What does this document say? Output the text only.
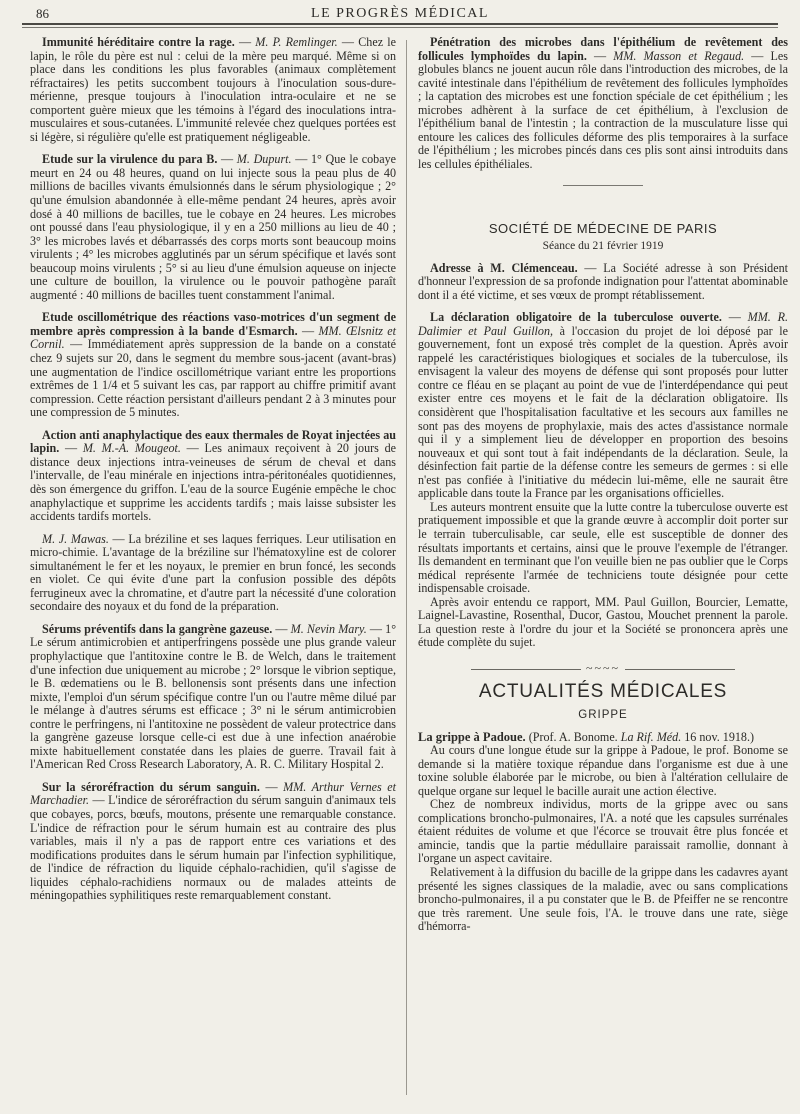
86	LE PROGRÈS MÉDICAL

Immunité héréditaire contre la rage. — M. P. Remlinger. — Chez le lapin, le rôle du père est nul : celui de la mère peu marqué. Même si on place dans les conditions les plus favorables (animaux complètement réfractaires) les petits succombent toujours à l'inoculation sous-dure-mérienne, presque toujours à l'inoculation intra-oculaire et ne se comportent guère mieux que les témoins à l'égard des inoculations intra-musculaires et sous-cutanées. L'immunité relevée chez quelques portées est si légère, si régulière qu'elle est pratiquement négligeable.

Etude sur la virulence du para B. — M. Dupurt. — 1° Que le cobaye meurt en 24 ou 48 heures, quand on lui injecte sous la peau plus de 40 millions de bacilles vivants émulsionnés dans le sérum physiologique ; 2° qu'une émulsion abandonnée à elle-même pendant 24 heures, après avoir dosé à 40 millions de bacilles, tue le cobaye en 24 heures. Les microbes ont poussé dans l'eau physiologique, il y en a 250 millions au lieu de 40 ; 3° les microbes lavés et débarrassés des corps morts sont beaucoup moins virulents ; 4° les microbes agglutinés par un sérum spécifique et lavés sont beaucoup moins virulents ; 5° si au lieu d'une émulsion aqueuse on injecte une culture de bouillon, la virulence ou le pouvoir pathogène paraît augmenté : 40 millions de bacilles tuent constamment l'animal.

Etude oscillométrique des réactions vaso-motrices d'un segment de membre après compression à la bande d'Esmarch. — MM. Œlsnitz et Cornil. — Immédiatement après suppression de la bande on a constaté chez 9 sujets sur 20, dans le segment du membre sous-jacent (avant-bras) une augmentation de l'indice oscillométrique variant entre les proportions extrêmes de 1 1/4 et 5 suivant les cas, par rapport au chiffre primitif avant compression. Cette réaction persistant d'ailleurs pendant 2 à 3 minutes pour une compression de 5 minutes.

Action anti anaphylactique des eaux thermales de Royat injectées au lapin. — M. M.-A. Mougeot. — Les animaux reçoivent à 20 jours de distance deux injections intra-veineuses de sérum de cheval et dans l'intervalle, de l'eau minérale en injections intra-péritonéales quotidiennes, dès son émergence du griffon. L'eau de la source Eugénie empêche le choc anaphylactique et supprime les accidents tardifs ; mais laisse subsister les accidents tardifs mortels.

M. J. Mawas. — La bréziline et ses laques ferriques. Leur utilisation en micro-chimie. L'avantage de la bréziline sur l'hématoxyline est de colorer simultanément le fer et les noyaux, le premier en brun foncé, les seconds en violet. Ce qui évite d'une part la confusion possible des dépôts ferrugineux avec la chromatine, et d'autre part la nécessité d'une coloration secondaire des noyaux et du fond de la préparation.

Sérums préventifs dans la gangrène gazeuse. — M. Nevin Mary. — 1° Le sérum antimicrobien et antiperfringens possède une plus grande valeur prophylactique que l'antitoxine contre le B. de Welch, dans le traitement d'une infection due uniquement au microbe ; 2° lorsque le vibrion septique, le B. œdematiens ou le B. bellonensis sont présents dans une infection mixte, l'emploi d'un sérum spécifique contre l'un ou l'autre même dilué par le mélange à d'autres sérums est efficace ; 3° ni le sérum antimicrobien contre le perfringens, ni l'antitoxine ne possèdent de valeur protectrice dans la gangrène gazeuse lorsque celle-ci est due à une infection anaérobie mixte habituellement constatée dans les plaies de guerre. Travail fait à l'American Red Cross Research Laboratory, A. R. C. Military Hospital 2.

Sur la séroréfraction du sérum sanguin. — MM. Arthur Vernes et Marchadier. — L'indice de séroréfraction du sérum sanguin d'animaux tels que cobayes, porcs, bœufs, moutons, présente une remarquable constance. L'indice de réfraction pour le sérum humain est au contraire des plus variables, mais il n'y a pas de rapport entre ces variations et des modifications produites dans le sérum humain par l'infection syphilitique, de l'indice de réfraction du liquide céphalo-rachidien, qu'il s'agisse de liquides céphalo-rachidiens normaux ou de malades atteints de méningopathies syphilitiques reste remarquablement constant.

Pénétration des microbes dans l'épithélium de revêtement des follicules lymphoïdes du lapin. — MM. Masson et Regaud. — Les globules blancs ne jouent aucun rôle dans l'introduction des microbes, de la cavité intestinale dans l'épithélium de revêtement des follicules lymphoïdes ; la captation des microbes est une fonction spéciale de cet épithélium ; les microbes adhèrent à la surface de cet épithélium, à l'exclusion de l'épithélium banal de l'intestin ; la contraction de la musculature lisse qui entoure les calices des follicules déforme des plis temporaires à la surface de l'épithélium ; les microbes pincés dans ces plis sont ainsi introduits dans les cellules épithéliales.

SOCIÉTÉ DE MÉDECINE DE PARIS
Séance du 21 février 1919

Adresse à M. Clémenceau. — La Société adresse à son Président d'honneur l'expression de sa profonde indignation pour l'attentat abominable dont il a été victime, et ses vœux de prompt rétablissement.

La déclaration obligatoire de la tuberculose ouverte. — MM. R. Dalimier et Paul Guillon, à l'occasion du projet de loi déposé par le gouvernement, font un exposé très complet de la question. Après avoir rappelé les caractéristiques biologiques et sociales de la tuberculose, ils envisagent la valeur des moyens de défense qui sont proposés pour lutter contre ce fléau en se plaçant au point de vue de l'interdépendance qui peut exister entre ces moyens et le fait de la déclaration obligatoire. Ils considèrent que l'hospitalisation facultative et les secours aux familles ne sont pas des moyens de prophylaxie, mais des actes d'assistance normale qui il y a simplement lieu de développer en proportion des besoins nouveaux et qui sont tout à fait indépendants de la déclaration. Seule, la désinfection fait partie de la défense contre les semeurs de germes : si elle n'est pas confiée à l'initiative du médecin lui-même, elle ne saurait être applicable dans toute la France par les organisations officielles.

Les auteurs montrent ensuite que la lutte contre la tuberculose ouverte est pratiquement impossible et que la grande œuvre à accomplir doit porter sur le terrain tuberculisable, car seule, elle est susceptible de donner des résultats importants et certains, ainsi que le prouve l'exemple de l'étranger. Ils demandent en terminant que l'on veuille bien ne pas oublier que le Corps médical représente l'armée de techniciens toute désignée pour cette indispensable croisade.

Après avoir entendu ce rapport, MM. Paul Guillon, Bourcier, Lematte, Laignel-Lavastine, Rosenthal, Ducor, Gastou, Mouchet prennent la parole. La question reste à l'ordre du jour et la Société se prononcera après une étude complète du sujet.

~~~~
ACTUALITÉS MÉDICALES
GRIPPE

La grippe à Padoue. (Prof. A. Bonome. La Rif. Méd. 16 nov. 1918.)

Au cours d'une longue étude sur la grippe à Padoue, le prof. Bonome se demande si la matière toxique répandue dans l'organisme est due à une toxine soluble élaborée par le microbe, ou bien à l'altération cellulaire de quelque organe sur lequel le bacille aurait une action élective.

Chez de nombreux individus, morts de la grippe avec ou sans complications broncho-pulmonaires, l'A. a noté que les capsules surrénales étaient réduites de volume et que l'écorce se trouvait être plus foncée et amincie, tandis que la partie médullaire paraissait ramollie, donnant à l'organe un aspect cavitaire.

Relativement à la diffusion du bacille de la grippe dans les cadavres ayant présenté les signes classiques de la maladie, avec ou sans complications broncho-pulmonaires, il a pu constater que le B. de Pfeiffer ne se rencontre que très rarement. Une seule fois, l'A. le trouve dans une rate, siège d'hémorra-
